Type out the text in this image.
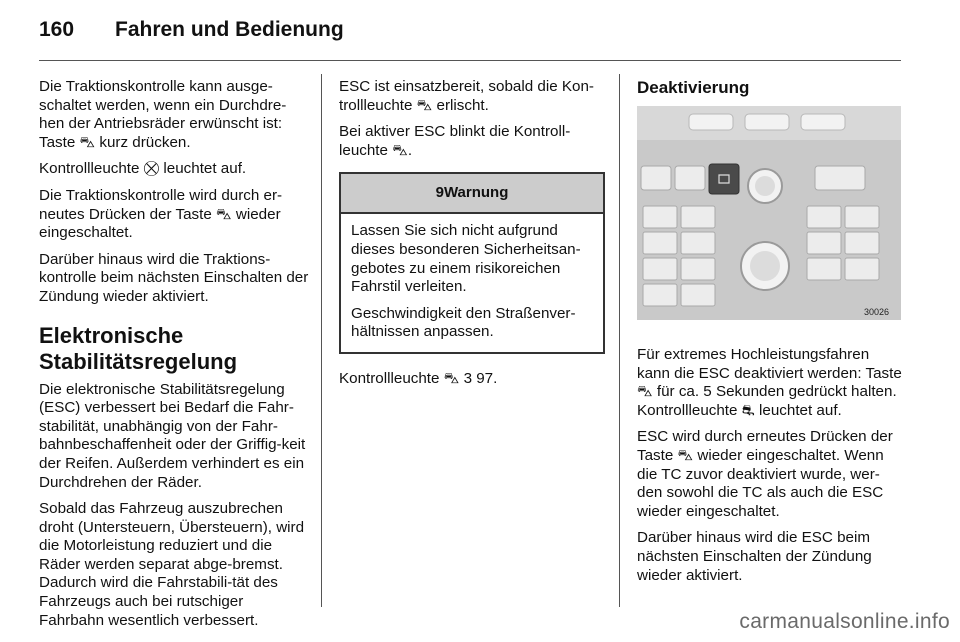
160 Fahren und Bedienung

Die Traktionskontrolle kann ausge-schaltet werden, wenn ein Durchdre-hen der Antriebsräder erwünscht ist: Taste ⛍ kurz drücken.

Kontrollleuchte ⛒ leuchtet auf.

Die Traktionskontrolle wird durch er-neutes Drücken der Taste ⛍ wieder eingeschaltet.

Darüber hinaus wird die Traktions-kontrolle beim nächsten Einschalten der Zündung wieder aktiviert.

Elektronische Stabilitätsregelung

Die elektronische Stabilitätsregelung (ESC) verbessert bei Bedarf die Fahr-stabilität, unabhängig von der Fahr-bahnbeschaffenheit oder der Griffig-keit der Reifen. Außerdem verhindert es ein Durchdrehen der Räder.

Sobald das Fahrzeug auszubrechen droht (Untersteuern, Übersteuern), wird die Motorleistung reduziert und die Räder werden separat abge-bremst. Dadurch wird die Fahrstabili-tät des Fahrzeugs auch bei rutschiger Fahrbahn wesentlich verbessert.

ESC ist einsatzbereit, sobald die Kon-trollleuchte ⛍ erlischt.

Bei aktiver ESC blinkt die Kontroll-leuchte ⛍.

9Warnung

Lassen Sie sich nicht aufgrund dieses besonderen Sicherheitsan-gebotes zu einem risikoreichen Fahrstil verleiten.

Geschwindigkeit den Straßenver-hältnissen anpassen.

Kontrollleuchte ⛍ 3 97.

Deaktivierung
30026

Für extremes Hochleistungsfahren kann die ESC deaktiviert werden: Taste ⛍ für ca. 5 Sekunden gedrückt halten. Kontrollleuchte ⛐ leuchtet auf.

ESC wird durch erneutes Drücken der Taste ⛍ wieder eingeschaltet. Wenn die TC zuvor deaktiviert wurde, wer-den sowohl die TC als auch die ESC wieder eingeschaltet.

Darüber hinaus wird die ESC beim nächsten Einschalten der Zündung wieder aktiviert.

carmanualsonline.info
